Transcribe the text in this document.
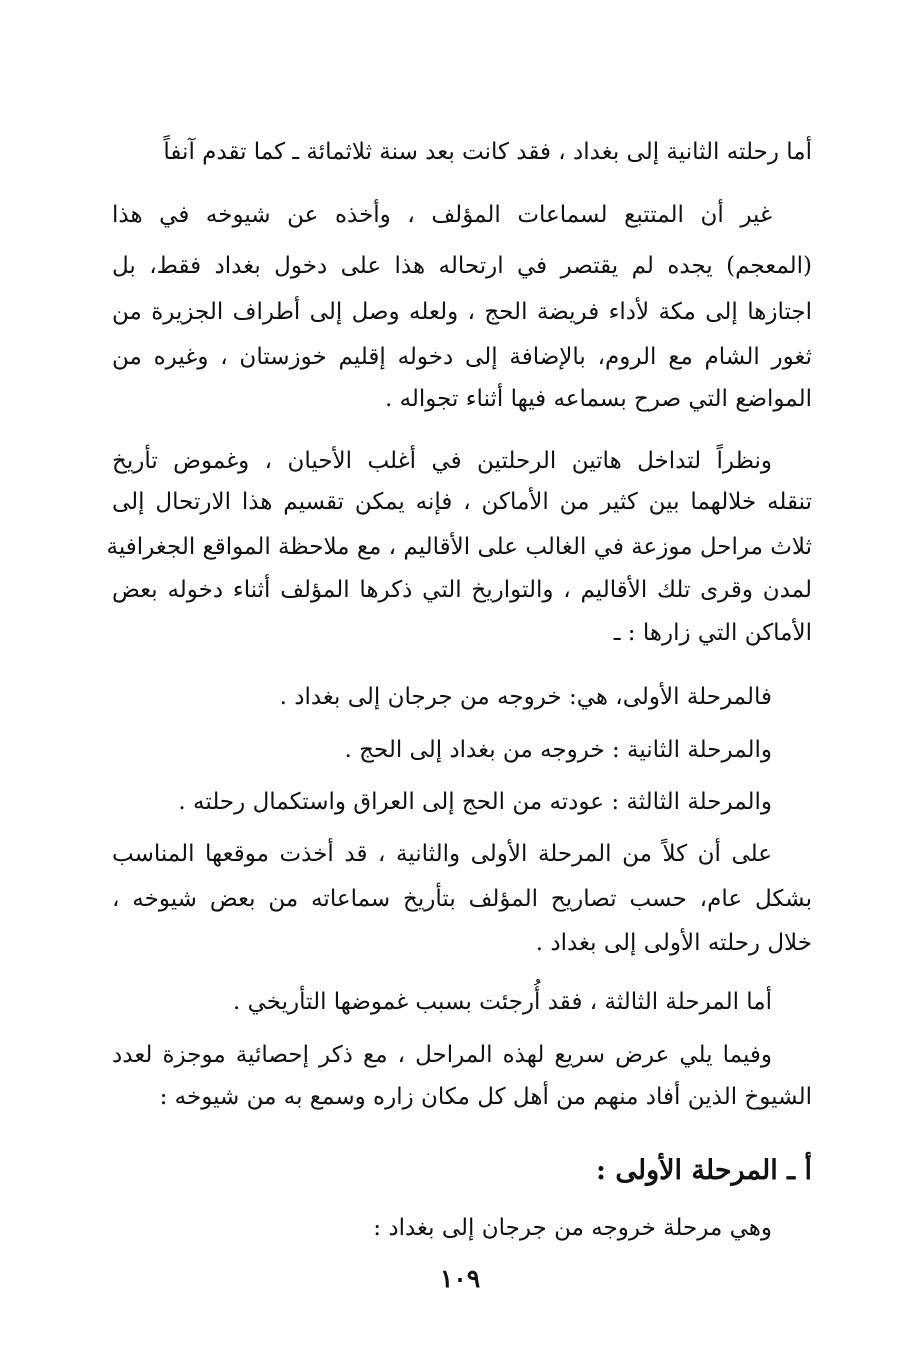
أما رحلته الثانية إلى بغداد ، فقد كانت بعد سنة ثلاثمائة ـ كما تقدم آنفاً
غير أن المتتبع لسماعات المؤلف ، وأخذه عن شيوخه في هذا
(المعجم) يجده لم يقتصر في ارتحاله هذا على دخول بغداد فقط، بل
اجتازها إلى مكة لأداء فريضة الحج ، ولعله وصل إلى أطراف الجزيرة من
ثغور الشام مع الروم، بالإضافة إلى دخوله إقليم خوزستان ، وغيره من
المواضع التي صرح بسماعه فيها أثناء تجواله .
ونظراً لتداخل هاتين الرحلتين في أغلب الأحيان ، وغموض تأريخ
تنقله خلالهما بين كثير من الأماكن ، فإنه يمكن تقسيم هذا الارتحال إلى
ثلاث مراحل موزعة في الغالب على الأقاليم ، مع ملاحظة المواقع الجغرافية
لمدن وقرى تلك الأقاليم ، والتواريخ التي ذكرها المؤلف أثناء دخوله بعض
الأماكن التي زارها : ـ
فالمرحلة الأولى، هي: خروجه من جرجان إلى بغداد .
والمرحلة الثانية : خروجه من بغداد إلى الحج .
والمرحلة الثالثة : عودته من الحج إلى العراق واستكمال رحلته .
على أن كلاً من المرحلة الأولى والثانية ، قد أخذت موقعها المناسب
بشكل عام، حسب تصاريح المؤلف بتأريخ سماعاته من بعض شيوخه ،
خلال رحلته الأولى إلى بغداد .
أما المرحلة الثالثة ، فقد أُرجئت بسبب غموضها التأريخي .
وفيما يلي عرض سريع لهذه المراحل ، مع ذكر إحصائية موجزة لعدد
الشيوخ الذين أفاد منهم من أهل كل مكان زاره وسمع به من شيوخه :
أ ـ المرحلة الأولى :
وهي مرحلة خروجه من جرجان إلى بغداد :
١٠٩
